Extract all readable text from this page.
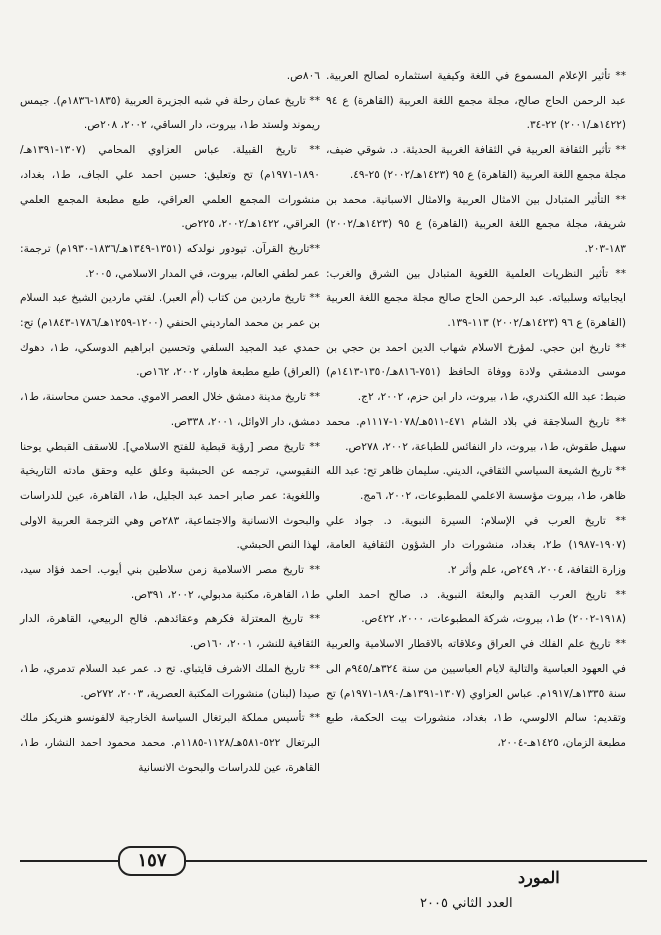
** تأثير الإعلام المسموع في اللغة وكيفية استثماره لصالح العربية. عبد الرحمن الحاج صالح، مجلة مجمع اللغة العربية (القاهرة) ع ٩٤ (١٤٢٢هـ/٢٠٠١) ٢٢-٣٤.

** تأثير الثقافة العربية في الثقافة الغربية الحديثة. د. شوقي ضيف، مجلة مجمع اللغة العربية (القاهرة) ع ٩٥ (١٤٢٣هـ/٢٠٠٢) ٢٥-٤٩.

** التأثير المتبادل بين الامثال العربية والامثال الاسبانية. محمد بن شريفة، مجلة مجمع اللغة العربية (القاهرة) ع ٩٥ (١٤٢٣هـ/٢٠٠٢) ١٨٣-٢٠٣.

** تأثير النظريات العلمية اللغوية المتبادل بين الشرق والغرب: ايجابياته وسلبياته. عبد الرحمن الحاج صالح مجلة مجمع اللغة العربية (القاهرة) ع ٩٦ (١٤٢٣هـ/٢٠٠٢) ١١٣-١٣٩.

** تاريخ ابن حجي. لمؤرخ الاسلام شهاب الدين احمد بن حجي بن موسى الدمشقي ولادة ووفاة الحافظ (٧٥١-٨١٦هـ/١٣٥٠-١٤١٣م) ضبط: عبد الله الكندري، ط١، بيروت، دار ابن حزم، ٢٠٠٢، ٢ج.

** تاريخ السلاجقة في بلاد الشام ٤٧١-٥١١هـ/١٠٧٨-١١١٧م. محمد سهيل طقوش، ط١، بيروت، دار النفائس للطباعة، ٢٠٠٢، ٢٧٨ص.

** تاريخ الشيعة السياسي الثقافي، الديني. سليمان ظاهر تح: عبد الله ظاهر، ط١، بيروت مؤسسة الاعلمي للمطبوعات، ٢٠٠٢، ٦مج.

** تاريخ العرب في الإسلام: السيرة النبوية. د. جواد علي (١٩٠٧-١٩٨٧) ط٢، بغداد، منشورات دار الشؤون الثقافية العامة، وزارة الثقافة، ٢٠٠٤، ٢٤٩ص، علم وأثر ٢.

** تاريخ العرب القديم والبعثة النبوية. د. صالح احمد العلي (١٩١٨-٢٠٠٢) ط١، بيروت، شركة المطبوعات، ٢٠٠٠، ٤٢٢ص.

** تاريخ علم الفلك في العراق وعلاقاته بالاقطار الاسلامية والعربية في العهود العباسية والتالية لايام العباسيين من سنة ٣٢٤هـ/٩٤٥م الى سنة ١٣٣٥هـ/١٩١٧م. عباس العزاوي (١٣٠٧-١٣٩١هـ/١٨٩٠-١٩٧١م) تح وتقديم: سالم الالوسي، ط١، بغداد، منشورات بيت الحكمة، طبع مطبعة الزمان، ١٤٢٥هـ-٢٠٠٤،

٨٠٦ص.

** تاريخ عمان رحلة في شبه الجزيرة العربية (١٨٣٥-١٨٣٦م). جيمس ريموند ولستد ط١، بيروت، دار الساقي، ٢٠٠٢، ٢٠٨ص.

** تاريخ القبيلة. عباس العزاوي المحامي (١٣٠٧-١٣٩١هـ/١٨٩٠-١٩٧١م) تح وتعليق: حسين احمد علي الجاف، ط١، بغداد، منشورات المجمع العلمي العراقي، طبع مطبعة المجمع العلمي العراقي، ١٤٢٢هـ/٢٠٠٢، ٢٢٥ص.

**تاريخ القرآن. تيودور نولدكه (١٣٥١-١٣٤٩هـ/١٨٣٦-١٩٣٠م) ترجمة: عمر لطفي العالم، بيروت، في المدار الاسلامي، ٢٠٠٥.

** تاريخ ماردين من كتاب (أم العبر). لفتي ماردين الشيخ عبد السلام بن عمر بن محمد المارديني الحنفي (١٢٠٠-١٢٥٩هـ/١٧٨٦-١٨٤٣م) تح: حمدي عبد المجيد السلفي وتحسين ابراهيم الدوسكي، ط١، دهوك (العراق) طبع مطبعة هاوار، ٢٠٠٢، ١٦٢ص.

** تاريخ مدينة دمشق خلال العصر الاموي. محمد حسن محاسنة، ط١، دمشق، دار الاوائل، ٢٠٠١، ٣٣٨ص.

** تاريخ مصر [رؤية قبطية للفتح الاسلامي]. للاسقف القبطي يوحنا النقيوسي، ترجمه عن الحبشية وعلق عليه وحقق مادته التاريخية واللغوية: عمر صابر احمد عبد الجليل، ط١، القاهرة، عين للدراسات والبحوث الانسانية والاجتماعية، ٢٨٣ص وهي الترجمة العربية الاولى لهذا النص الحبشي.

** تاريخ مصر الاسلامية زمن سلاطين بني أيوب. احمد فؤاد سيد، ط١، القاهرة، مكتبة مدبولي، ٢٠٠٢، ٣٩١ص.

** تاريخ المعتزلة فكرهم وعقائدهم. فالح الربيعي، القاهرة، الدار الثقافية للنشر، ٢٠٠١، ١٦٠ص.

** تاريخ الملك الاشرف قايتباي. تح د. عمر عبد السلام تدمري، ط١، صيدا (لبنان) منشورات المكتبة العصرية، ٢٠٠٣، ٢٧٢ص.

** تأسيس مملكة البرتغال السياسة الخارجية لالفونسو هنريكز ملك البرتغال ٥٢٢-٥٨١هـ/١١٢٨-١١٨٥م. محمد محمود احمد النشار، ط١، القاهرة، عين للدراسات والبحوث الانسانية

١٥٧
المورد
العدد الثاني ٢٠٠٥
